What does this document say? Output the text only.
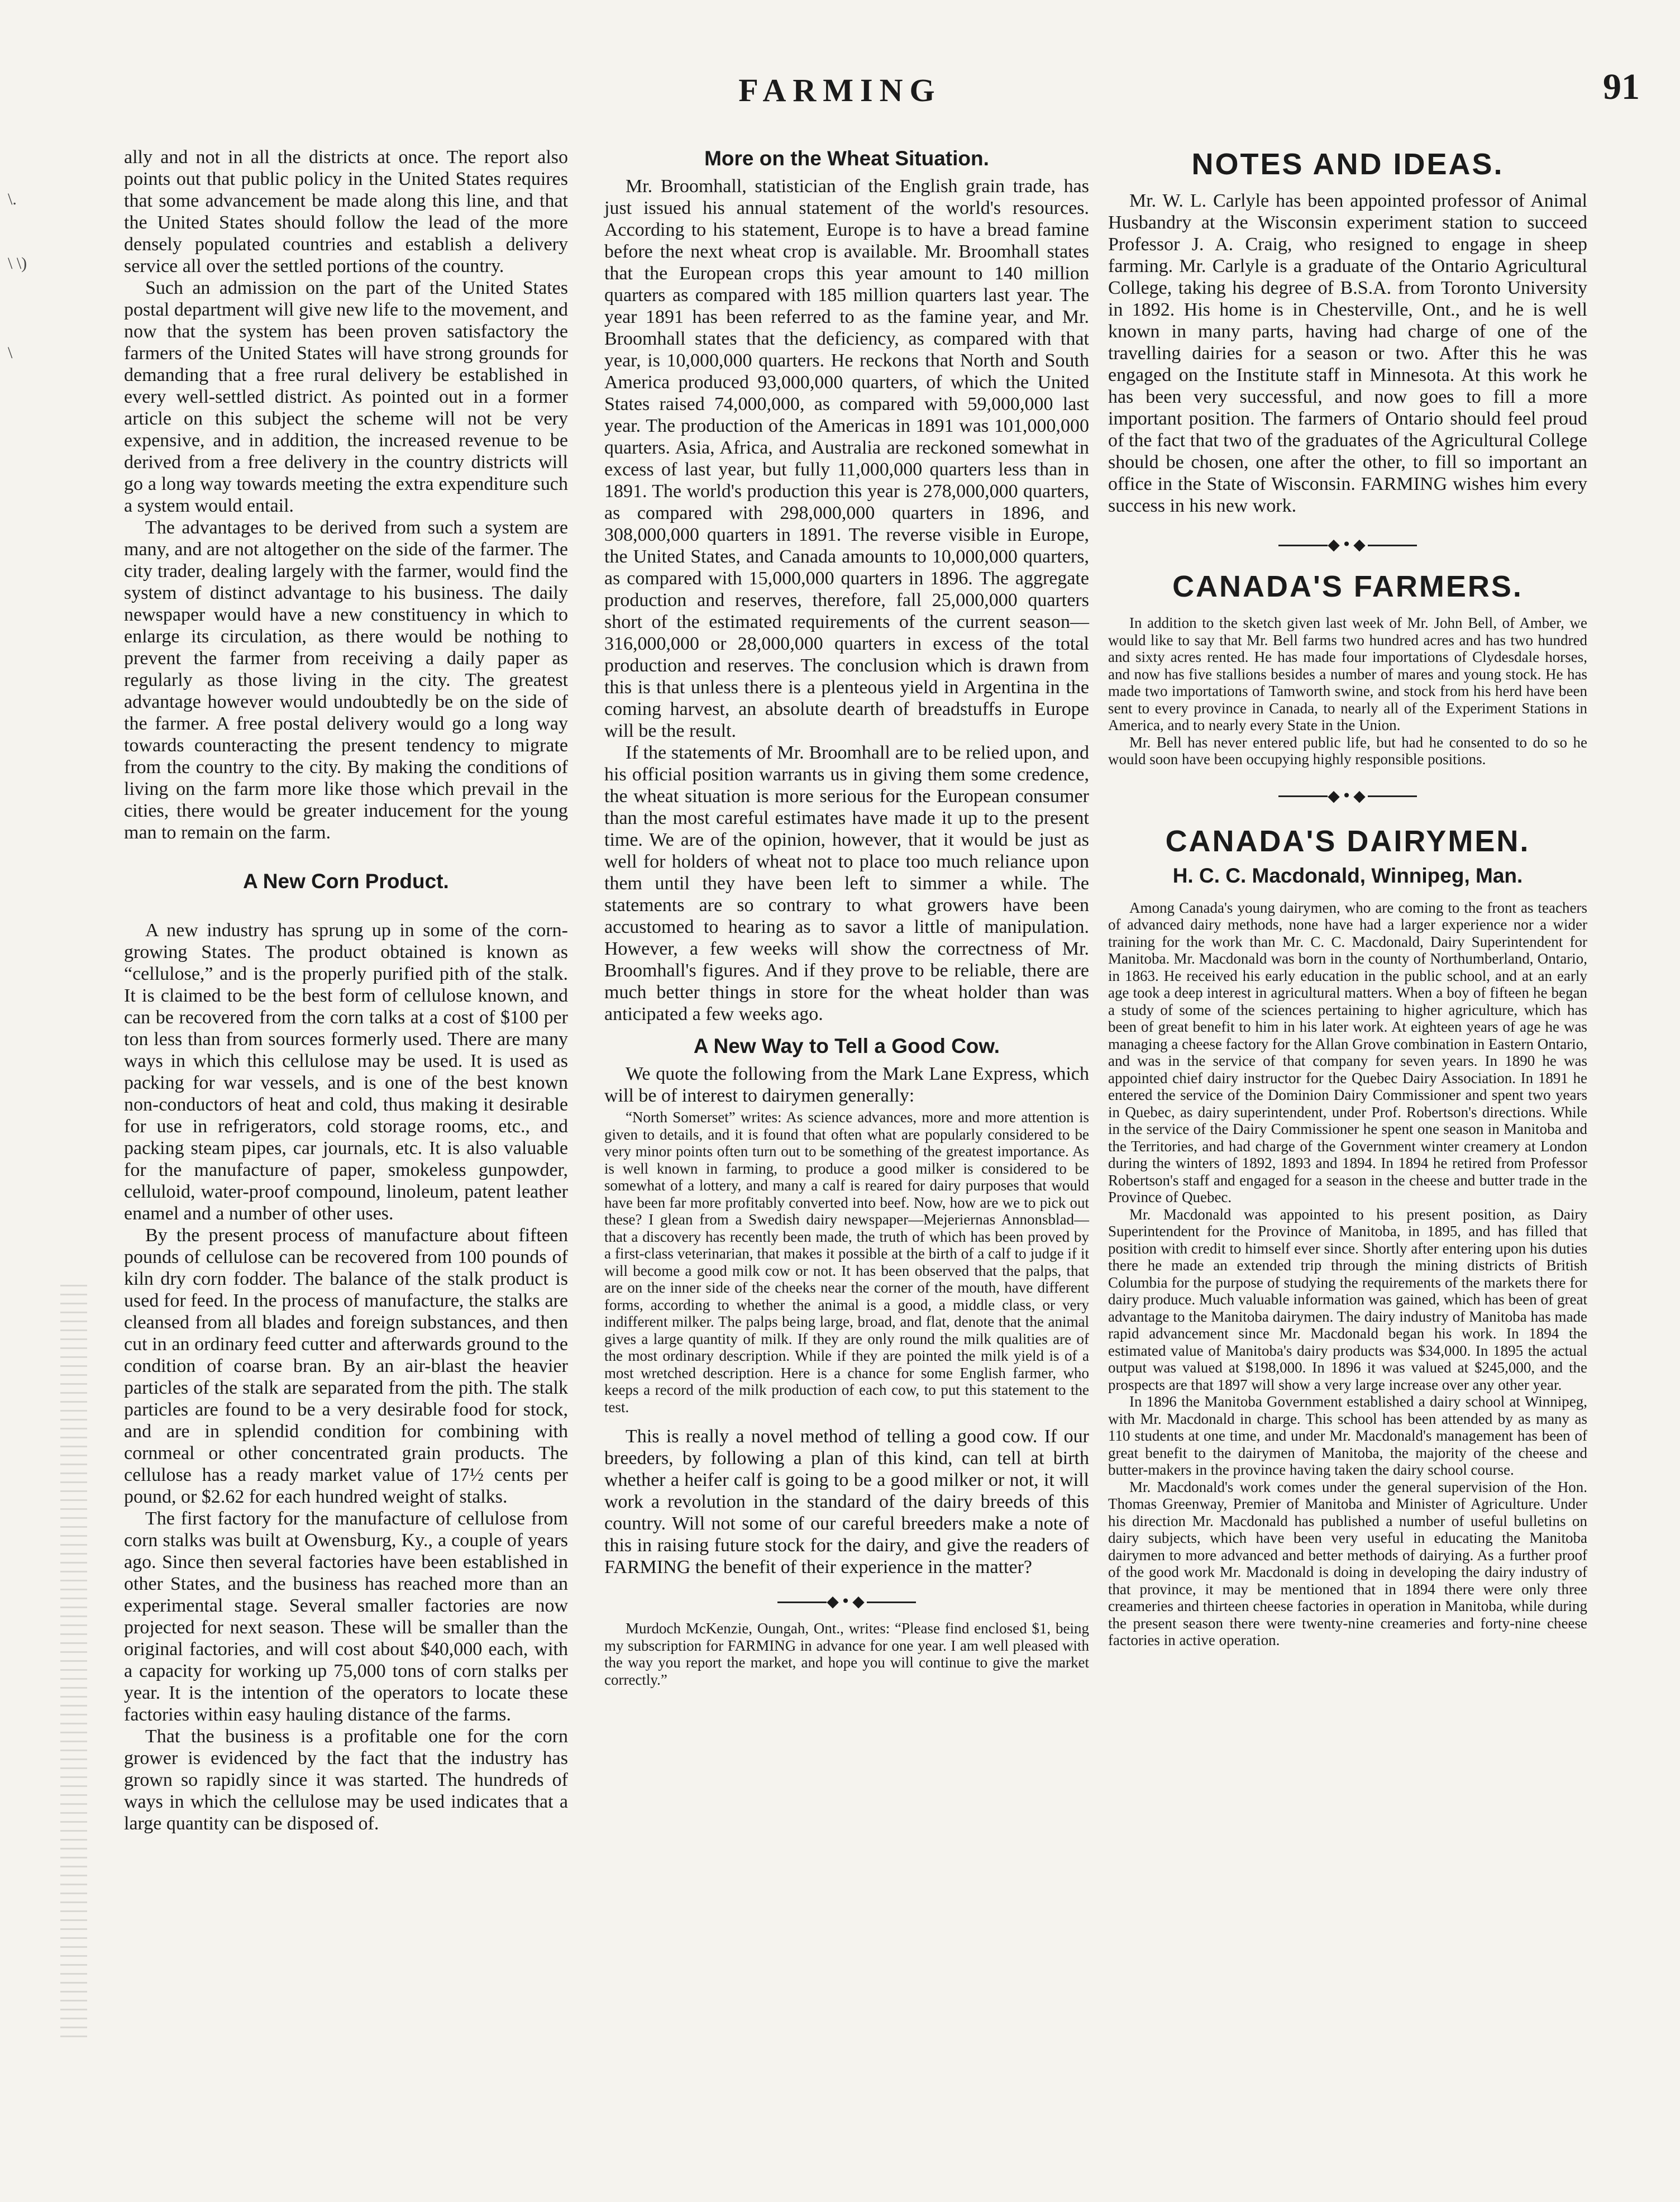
FARMING	91
\.
\ \)
\

ally and not in all the districts at once. The report also points out that public policy in the United States requires that some advancement be made along this line, and that the United States should follow the lead of the more densely populated countries and establish a delivery service all over the settled portions of the country.

Such an admission on the part of the United States postal department will give new life to the movement, and now that the system has been proven satisfactory the farmers of the United States will have strong grounds for demanding that a free rural delivery be established in every well-settled district. As pointed out in a former article on this subject the scheme will not be very expensive, and in addition, the increased revenue to be derived from a free delivery in the country districts will go a long way towards meeting the extra expenditure such a system would entail.

The advantages to be derived from such a system are many, and are not altogether on the side of the farmer. The city trader, dealing largely with the farmer, would find the system of distinct advantage to his business. The daily newspaper would have a new constituency in which to enlarge its circulation, as there would be nothing to prevent the farmer from receiving a daily paper as regularly as those living in the city. The greatest advantage however would undoubtedly be on the side of the farmer. A free postal delivery would go a long way towards counteracting the present tendency to migrate from the country to the city. By making the conditions of living on the farm more like those which prevail in the cities, there would be greater inducement for the young man to remain on the farm.

A New Corn Product.

A new industry has sprung up in some of the corn-growing States. The product obtained is known as “cellulose,” and is the properly purified pith of the stalk. It is claimed to be the best form of cellulose known, and can be recovered from the corn talks at a cost of $100 per ton less than from sources formerly used. There are many ways in which this cellulose may be used. It is used as packing for war vessels, and is one of the best known non-conductors of heat and cold, thus making it desirable for use in refrigerators, cold storage rooms, etc., and packing steam pipes, car journals, etc. It is also valuable for the manufacture of paper, smokeless gunpowder, celluloid, water-proof compound, linoleum, patent leather enamel and a number of other uses.

By the present process of manufacture about fifteen pounds of cellulose can be recovered from 100 pounds of kiln dry corn fodder. The balance of the stalk product is used for feed. In the process of manufacture, the stalks are cleansed from all blades and foreign substances, and then cut in an ordinary feed cutter and afterwards ground to the condition of coarse bran. By an air-blast the heavier particles of the stalk are separated from the pith. The stalk particles are found to be a very desirable food for stock, and are in splendid condition for combining with cornmeal or other concentrated grain products. The cellulose has a ready market value of 17½ cents per pound, or $2.62 for each hundred weight of stalks.

The first factory for the manufacture of cellulose from corn stalks was built at Owensburg, Ky., a couple of years ago. Since then several factories have been established in other States, and the business has reached more than an experimental stage. Several smaller factories are now projected for next season. These will be smaller than the original factories, and will cost about $40,000 each, with a capacity for working up 75,000 tons of corn stalks per year. It is the intention of the operators to locate these factories within easy hauling distance of the farms.

That the business is a profitable one for the corn grower is evidenced by the fact that the industry has grown so rapidly since it was started. The hundreds of ways in which the cellulose may be used indicates that a large quantity can be disposed of.

More on the Wheat Situation.

Mr. Broomhall, statistician of the English grain trade, has just issued his annual statement of the world's resources. According to his statement, Europe is to have a bread famine before the next wheat crop is available. Mr. Broomhall states that the European crops this year amount to 140 million quarters as compared with 185 million quarters last year. The year 1891 has been referred to as the famine year, and Mr. Broomhall states that the deficiency, as compared with that year, is 10,000,000 quarters. He reckons that North and South America produced 93,000,000 quarters, of which the United States raised 74,000,000, as compared with 59,000,000 last year. The production of the Americas in 1891 was 101,000,000 quarters. Asia, Africa, and Australia are reckoned somewhat in excess of last year, but fully 11,000,000 quarters less than in 1891. The world's production this year is 278,000,000 quarters, as compared with 298,000,000 quarters in 1896, and 308,000,000 quarters in 1891. The reverse visible in Europe, the United States, and Canada amounts to 10,000,000 quarters, as compared with 15,000,000 quarters in 1896. The aggregate production and reserves, therefore, fall 25,000,000 quarters short of the estimated requirements of the current season—316,000,000 or 28,000,000 quarters in excess of the total production and reserves. The conclusion which is drawn from this is that unless there is a plenteous yield in Argentina in the coming harvest, an absolute dearth of breadstuffs in Europe will be the result.

If the statements of Mr. Broomhall are to be relied upon, and his official position warrants us in giving them some credence, the wheat situation is more serious for the European consumer than the most careful estimates have made it up to the present time. We are of the opinion, however, that it would be just as well for holders of wheat not to place too much reliance upon them until they have been left to simmer a while. The statements are so contrary to what growers have been accustomed to hearing as to savor a little of manipulation. However, a few weeks will show the correctness of Mr. Broomhall's figures. And if they prove to be reliable, there are much better things in store for the wheat holder than was anticipated a few weeks ago.

A New Way to Tell a Good Cow.

We quote the following from the Mark Lane Express, which will be of interest to dairymen generally:

“North Somerset” writes: As science advances, more and more attention is given to details, and it is found that often what are popularly considered to be very minor points often turn out to be something of the greatest importance. As is well known in farming, to produce a good milker is considered to be somewhat of a lottery, and many a calf is reared for dairy purposes that would have been far more profitably converted into beef. Now, how are we to pick out these? I glean from a Swedish dairy newspaper—Mejeriernas Annonsblad—that a discovery has recently been made, the truth of which has been proved by a first-class veterinarian, that makes it possible at the birth of a calf to judge if it will become a good milk cow or not. It has been observed that the palps, that are on the inner side of the cheeks near the corner of the mouth, have different forms, according to whether the animal is a good, a middle class, or very indifferent milker. The palps being large, broad, and flat, denote that the animal gives a large quantity of milk. If they are only round the milk qualities are of the most ordinary description. While if they are pointed the milk yield is of a most wretched description. Here is a chance for some English farmer, who keeps a record of the milk production of each cow, to put this statement to the test.

This is really a novel method of telling a good cow. If our breeders, by following a plan of this kind, can tell at birth whether a heifer calf is going to be a good milker or not, it will work a revolution in the standard of the dairy breeds of this country. Will not some of our careful breeders make a note of this in raising future stock for the dairy, and give the readers of FARMING the benefit of their experience in the matter?

◆•◆

Murdoch McKenzie, Oungah, Ont., writes: “Please find enclosed $1, being my subscription for FARMING in advance for one year. I am well pleased with the way you report the market, and hope you will continue to give the market correctly.”

NOTES AND IDEAS.

Mr. W. L. Carlyle has been appointed professor of Animal Husbandry at the Wisconsin experiment station to succeed Professor J. A. Craig, who resigned to engage in sheep farming. Mr. Carlyle is a graduate of the Ontario Agricultural College, taking his degree of B.S.A. from Toronto University in 1892. His home is in Chesterville, Ont., and he is well known in many parts, having had charge of one of the travelling dairies for a season or two. After this he was engaged on the Institute staff in Minnesota. At this work he has been very successful, and now goes to fill a more important position. The farmers of Ontario should feel proud of the fact that two of the graduates of the Agricultural College should be chosen, one after the other, to fill so important an office in the State of Wisconsin. FARMING wishes him every success in his new work.

◆•◆
CANADA'S FARMERS.

In addition to the sketch given last week of Mr. John Bell, of Amber, we would like to say that Mr. Bell farms two hundred acres and has two hundred and sixty acres rented. He has made four importations of Clydesdale horses, and now has five stallions besides a number of mares and young stock. He has made two importations of Tamworth swine, and stock from his herd have been sent to every province in Canada, to nearly all of the Experiment Stations in America, and to nearly every State in the Union.

Mr. Bell has never entered public life, but had he consented to do so he would soon have been occupying highly responsible positions.

◆•◆
CANADA'S DAIRYMEN.
H. C. C. Macdonald, Winnipeg, Man.

Among Canada's young dairymen, who are coming to the front as teachers of advanced dairy methods, none have had a larger experience nor a wider training for the work than Mr. C. C. Macdonald, Dairy Superintendent for Manitoba. Mr. Macdonald was born in the county of Northumberland, Ontario, in 1863. He received his early education in the public school, and at an early age took a deep interest in agricultural matters. When a boy of fifteen he began a study of some of the sciences pertaining to higher agriculture, which has been of great benefit to him in his later work. At eighteen years of age he was managing a cheese factory for the Allan Grove combination in Eastern Ontario, and was in the service of that company for seven years. In 1890 he was appointed chief dairy instructor for the Quebec Dairy Association. In 1891 he entered the service of the Dominion Dairy Commissioner and spent two years in Quebec, as dairy superintendent, under Prof. Robertson's directions. While in the service of the Dairy Commissioner he spent one season in Manitoba and the Territories, and had charge of the Government winter creamery at London during the winters of 1892, 1893 and 1894. In 1894 he retired from Professor Robertson's staff and engaged for a season in the cheese and butter trade in the Province of Quebec.

Mr. Macdonald was appointed to his present position, as Dairy Superintendent for the Province of Manitoba, in 1895, and has filled that position with credit to himself ever since. Shortly after entering upon his duties there he made an extended trip through the mining districts of British Columbia for the purpose of studying the requirements of the markets there for dairy produce. Much valuable information was gained, which has been of great advantage to the Manitoba dairymen. The dairy industry of Manitoba has made rapid advancement since Mr. Macdonald began his work. In 1894 the estimated value of Manitoba's dairy products was $34,000. In 1895 the actual output was valued at $198,000. In 1896 it was valued at $245,000, and the prospects are that 1897 will show a very large increase over any other year.

In 1896 the Manitoba Government established a dairy school at Winnipeg, with Mr. Macdonald in charge. This school has been attended by as many as 110 students at one time, and under Mr. Macdonald's management has been of great benefit to the dairymen of Manitoba, the majority of the cheese and butter-makers in the province having taken the dairy school course.

Mr. Macdonald's work comes under the general supervision of the Hon. Thomas Greenway, Premier of Manitoba and Minister of Agriculture. Under his direction Mr. Macdonald has published a number of useful bulletins on dairy subjects, which have been very useful in educating the Manitoba dairymen to more advanced and better methods of dairying. As a further proof of the good work Mr. Macdonald is doing in developing the dairy industry of that province, it may be mentioned that in 1894 there were only three creameries and thirteen cheese factories in operation in Manitoba, while during the present season there were twenty-nine creameries and forty-nine cheese factories in active operation.
